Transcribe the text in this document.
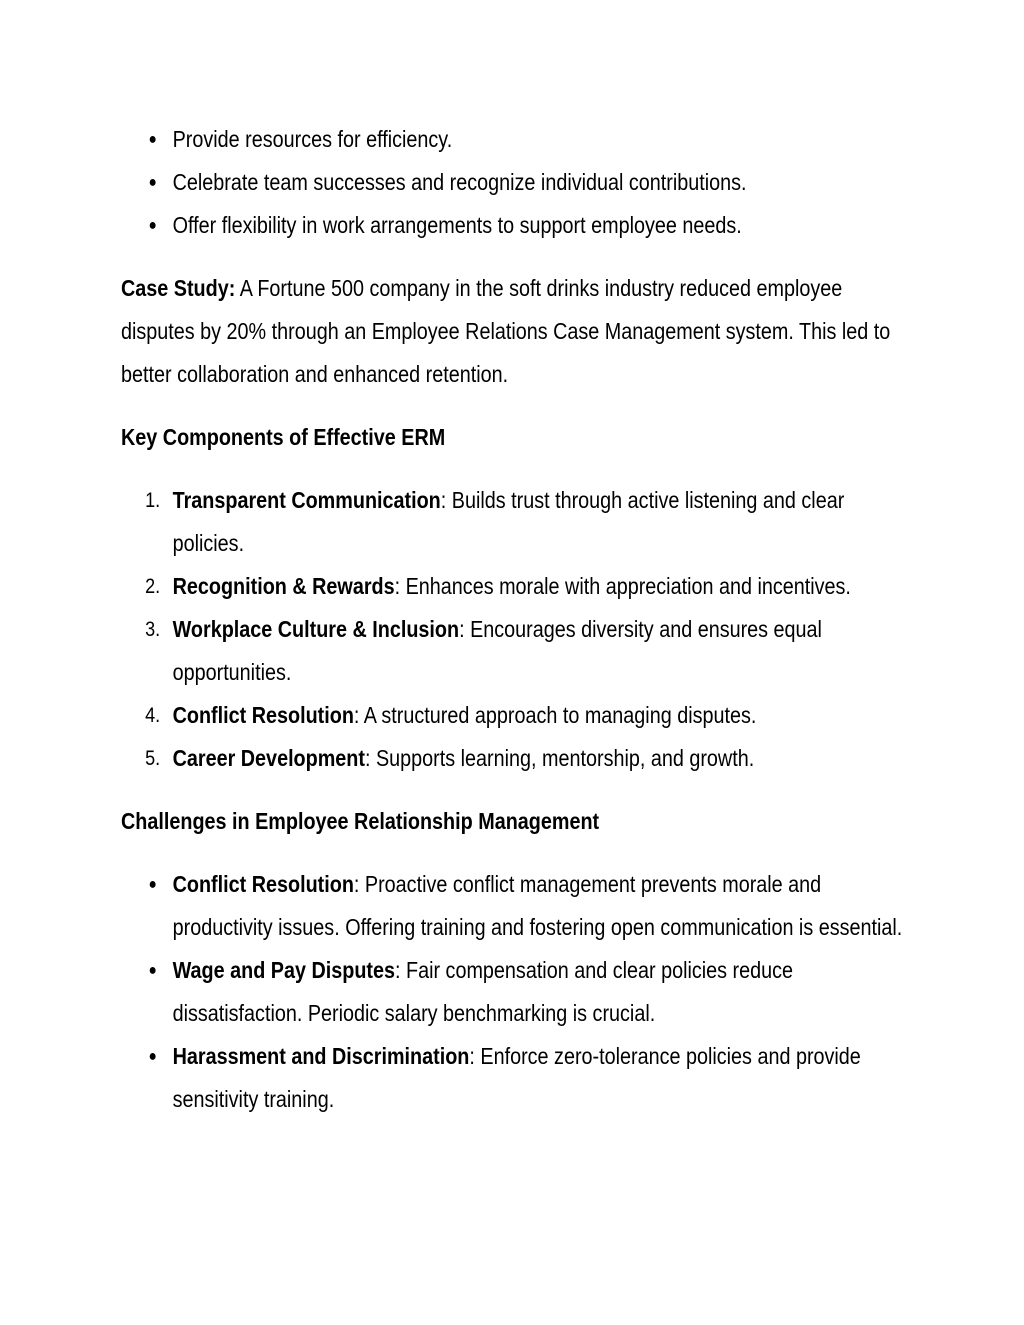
● Provide resources for efficiency.
● Celebrate team successes and recognize individual contributions.
● Offer flexibility in work arrangements to support employee needs.

Case Study: A Fortune 500 company in the soft drinks industry reduced employee disputes by 20% through an Employee Relations Case Management system. This led to better collaboration and enhanced retention.

Key Components of Effective ERM
1. Transparent Communication: Builds trust through active listening and clear policies.
2. Recognition & Rewards: Enhances morale with appreciation and incentives.
3. Workplace Culture & Inclusion: Encourages diversity and ensures equal opportunities.
4. Conflict Resolution: A structured approach to managing disputes.
5. Career Development: Supports learning, mentorship, and growth.
Challenges in Employee Relationship Management
● Conflict Resolution: Proactive conflict management prevents morale and productivity issues. Offering training and fostering open communication is essential.
● Wage and Pay Disputes: Fair compensation and clear policies reduce dissatisfaction. Periodic salary benchmarking is crucial.
● Harassment and Discrimination: Enforce zero-tolerance policies and provide sensitivity training.
